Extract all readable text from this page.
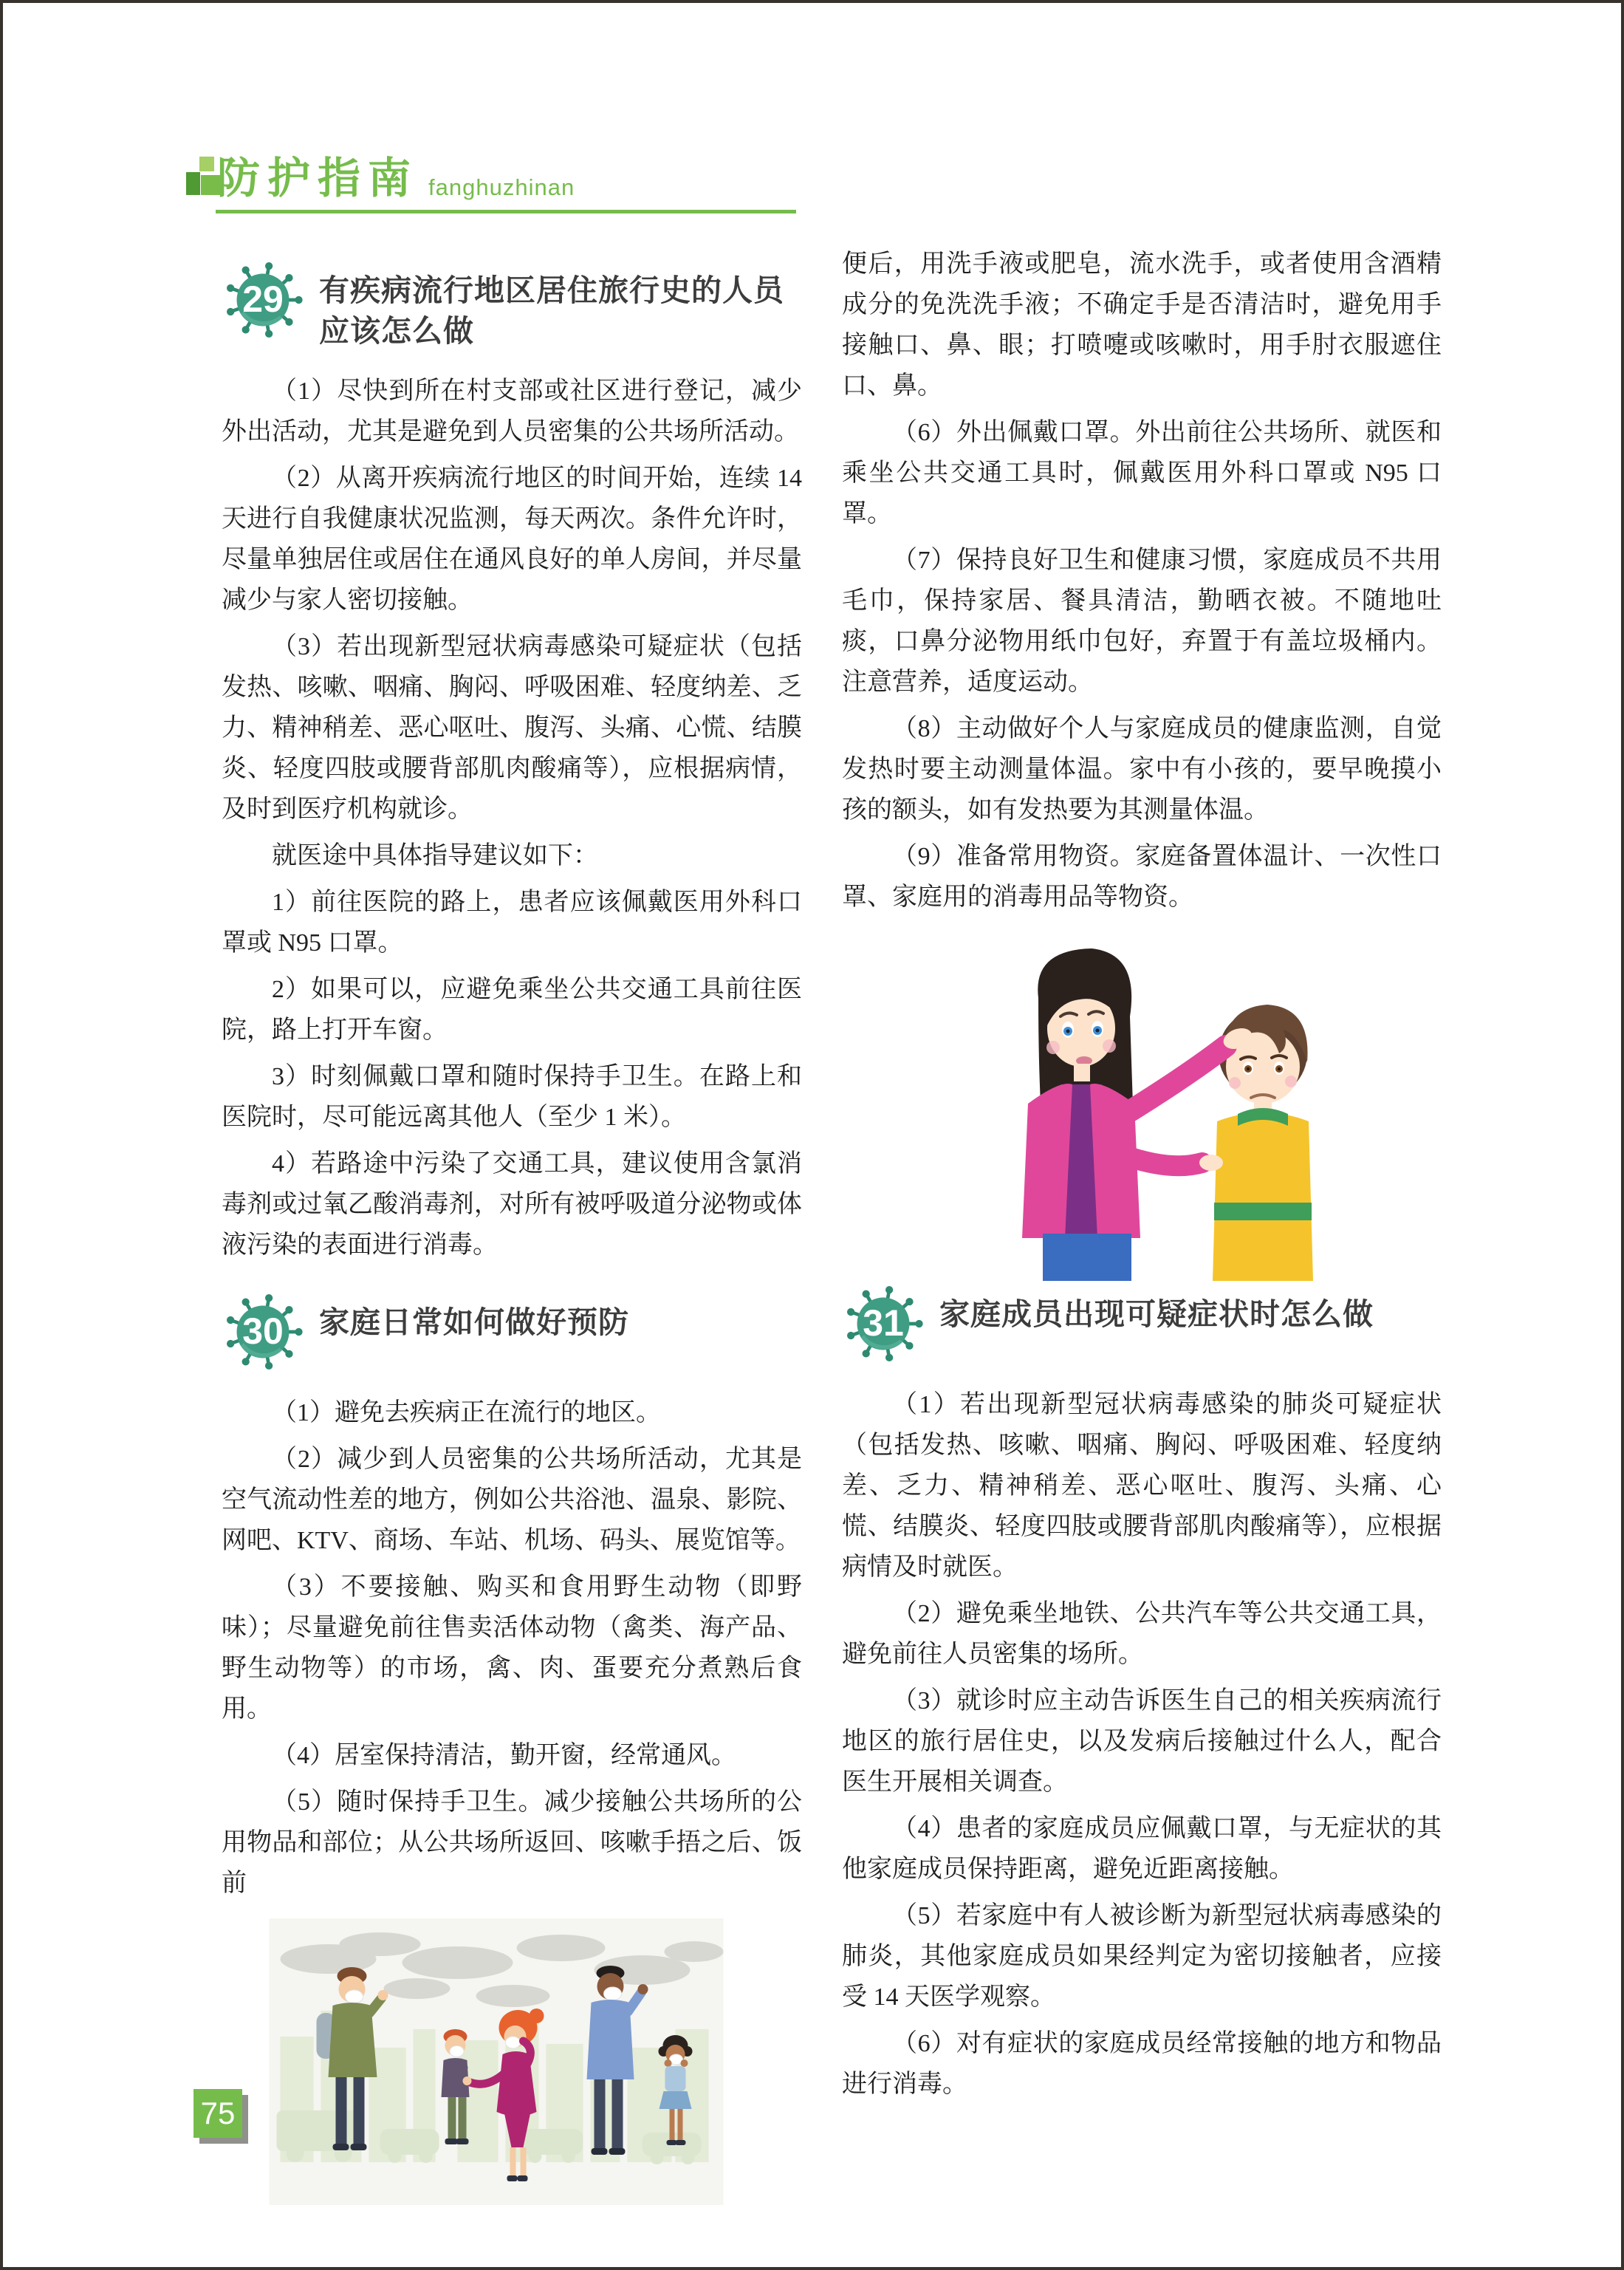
防护指南 fanghuzhinan
29	有疾病流行地区居住旅行史的人员
应该怎么做

（1）尽快到所在村支部或社区进行登记，减少外出活动，尤其是避免到人员密集的公共场所活动。

（2）从离开疾病流行地区的时间开始，连续 14 天进行自我健康状况监测，每天两次。条件允许时，尽量单独居住或居住在通风良好的单人房间，并尽量减少与家人密切接触。

（3）若出现新型冠状病毒感染可疑症状（包括发热、咳嗽、咽痛、胸闷、呼吸困难、轻度纳差、乏力、精神稍差、恶心呕吐、腹泻、头痛、心慌、结膜炎、轻度四肢或腰背部肌肉酸痛等），应根据病情，及时到医疗机构就诊。

就医途中具体指导建议如下：

1）前往医院的路上，患者应该佩戴医用外科口罩或 N95 口罩。

2）如果可以，应避免乘坐公共交通工具前往医院，路上打开车窗。

3）时刻佩戴口罩和随时保持手卫生。在路上和医院时，尽可能远离其他人（至少 1 米）。

4）若路途中污染了交通工具，建议使用含氯消毒剂或过氧乙酸消毒剂，对所有被呼吸道分泌物或体液污染的表面进行消毒。

30	家庭日常如何做好预防

（1）避免去疾病正在流行的地区。

（2）减少到人员密集的公共场所活动，尤其是空气流动性差的地方，例如公共浴池、温泉、影院、网吧、KTV、商场、车站、机场、码头、展览馆等。

（3）不要接触、购买和食用野生动物（即野味）；尽量避免前往售卖活体动物（禽类、海产品、野生动物等）的市场，禽、肉、蛋要充分煮熟后食用。

（4）居室保持清洁，勤开窗，经常通风。

（5）随时保持手卫生。减少接触公共场所的公用物品和部位；从公共场所返回、咳嗽手捂之后、饭前

便后，用洗手液或肥皂，流水洗手，或者使用含酒精成分的免洗洗手液；不确定手是否清洁时，避免用手接触口、鼻、眼；打喷嚏或咳嗽时，用手肘衣服遮住口、鼻。

（6）外出佩戴口罩。外出前往公共场所、就医和乘坐公共交通工具时，佩戴医用外科口罩或 N95 口罩。

（7）保持良好卫生和健康习惯，家庭成员不共用毛巾，保持家居、餐具清洁，勤晒衣被。不随地吐痰，口鼻分泌物用纸巾包好，弃置于有盖垃圾桶内。注意营养，适度运动。

（8）主动做好个人与家庭成员的健康监测，自觉发热时要主动测量体温。家中有小孩的，要早晚摸小孩的额头，如有发热要为其测量体温。

（9）准备常用物资。家庭备置体温计、一次性口罩、家庭用的消毒用品等物资。

31	家庭成员出现可疑症状时怎么做

（1）若出现新型冠状病毒感染的肺炎可疑症状（包括发热、咳嗽、咽痛、胸闷、呼吸困难、轻度纳差、乏力、精神稍差、恶心呕吐、腹泻、头痛、心慌、结膜炎、轻度四肢或腰背部肌肉酸痛等），应根据病情及时就医。

（2）避免乘坐地铁、公共汽车等公共交通工具，避免前往人员密集的场所。

（3）就诊时应主动告诉医生自己的相关疾病流行地区的旅行居住史，以及发病后接触过什么人，配合医生开展相关调查。

（4）患者的家庭成员应佩戴口罩，与无症状的其他家庭成员保持距离，避免近距离接触。

（5）若家庭中有人被诊断为新型冠状病毒感染的肺炎，其他家庭成员如果经判定为密切接触者，应接受 14 天医学观察。

（6）对有症状的家庭成员经常接触的地方和物品进行消毒。

75
